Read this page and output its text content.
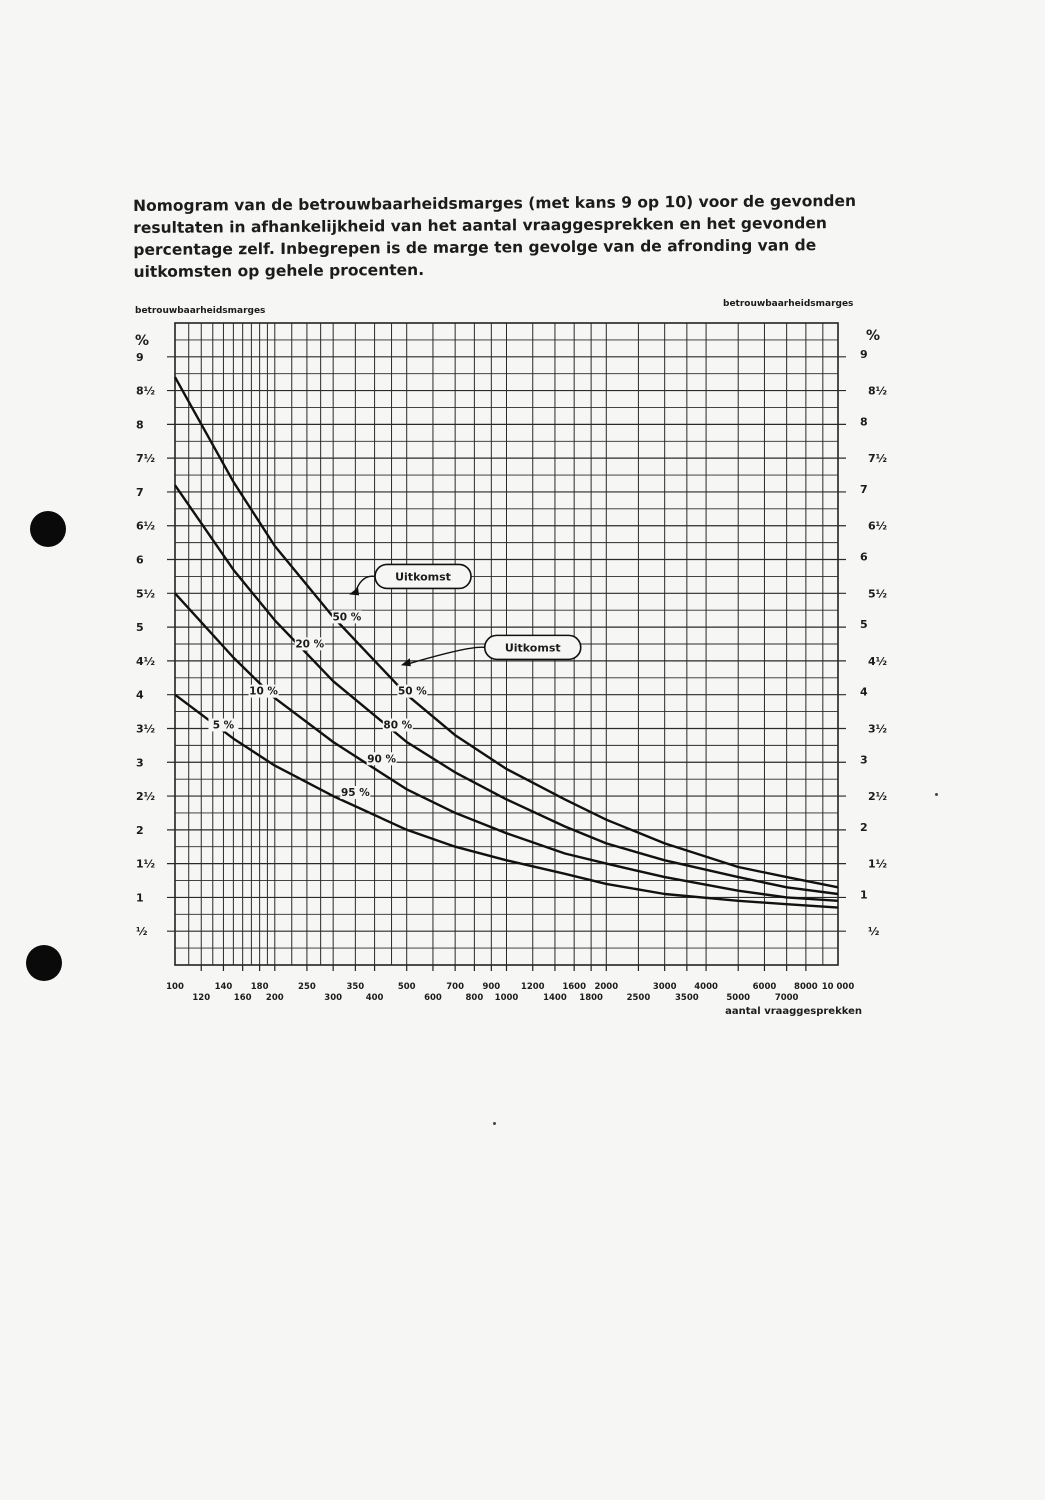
Nomogram van de betrouwbaarheidsmarges (met kans 9 op 10) voor de gevonden resultaten in afhankelijkheid van het aantal vraaggesprekken en het gevonden percentage zelf. Inbegrepen is de marge ten gevolge van de afronding van de uitkomsten op gehele procenten.

½	½
1	1
1½	1½
2	2
2½	2½
3	3
3½	3½
4	4
4½	4½
5	5
5½	5½
6	6
6½	6½
7	7
7½	7½
8	8
8½	8½
9	9
%	%
betrouwbaarheidsmarges
betrouwbaarheidsmarges
100	140 180	250	350	500	700 900 1200 1600 2000	3000 4000	6000 8000 10 000
120	160 200	300	400	600	800 1000	1400 1800	2500	3500	5000	7000
aantal vraaggesprekken
50 %
20 %
10 %
5 %
50 %
80 %
90 %
95 %
Uitkomst
Uitkomst
